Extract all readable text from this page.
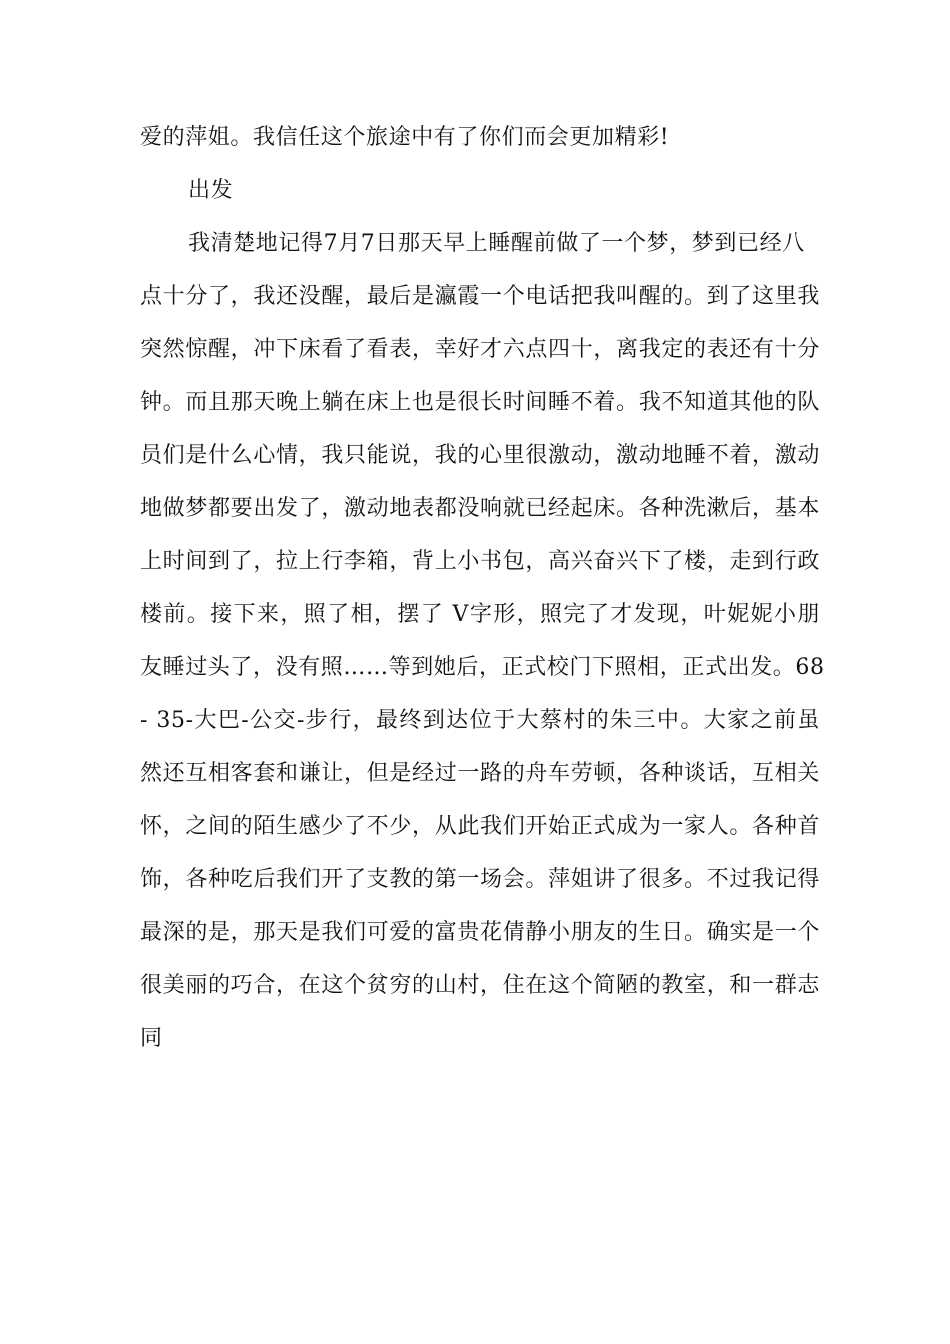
爱的萍姐。我信任这个旅途中有了你们而会更加精彩!
出发
我清楚地记得7月7日那天早上睡醒前做了一个梦，梦到已经八
点十分了，我还没醒，最后是瀛霞一个电话把我叫醒的。到了这里我
突然惊醒，冲下床看了看表，幸好才六点四十，离我定的表还有十分
钟。而且那天晚上躺在床上也是很长时间睡不着。我不知道其他的队
员们是什么心情，我只能说，我的心里很激动，激动地睡不着，激动
地做梦都要出发了，激动地表都没响就已经起床。各种洗漱后，基本
上时间到了，拉上行李箱，背上小书包，高兴奋兴下了楼，走到行政
楼前。接下来，照了相，摆了 V字形，照完了才发现，叶妮妮小朋
友睡过头了，没有照……等到她后，正式校门下照相，正式出发。68
- 35-大巴-公交-步行，最终到达位于大蔡村的朱三中。大家之前虽
然还互相客套和谦让，但是经过一路的舟车劳顿，各种谈话，互相关
怀，之间的陌生感少了不少，从此我们开始正式成为一家人。各种首
饰，各种吃后我们开了支教的第一场会。萍姐讲了很多。不过我记得
最深的是，那天是我们可爱的富贵花倩静小朋友的生日。确实是一个
很美丽的巧合，在这个贫穷的山村，住在这个简陋的教室，和一群志
同
